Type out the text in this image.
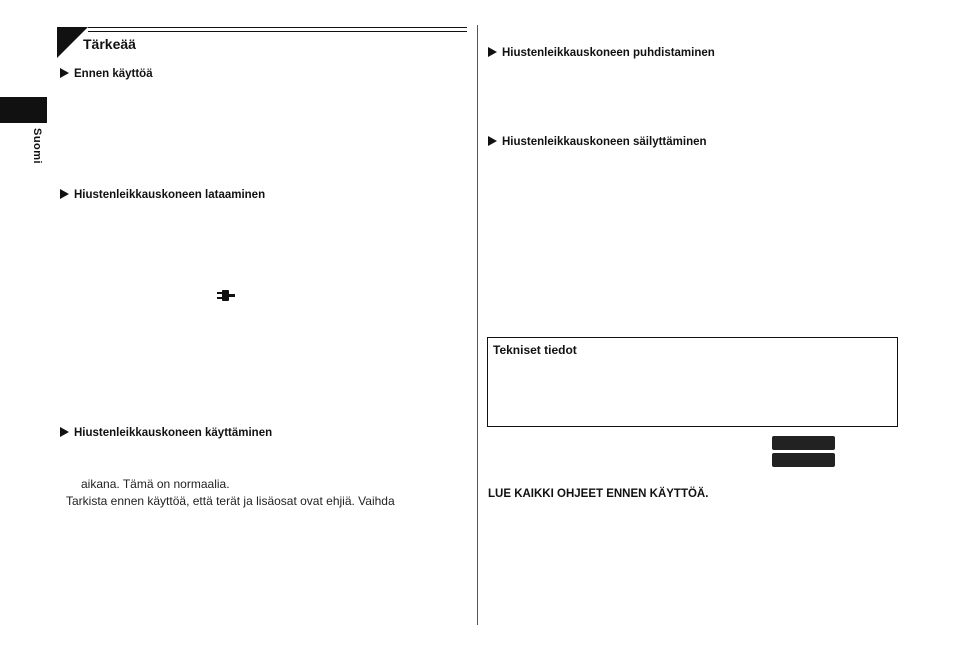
Tärkeää
Suomi
Ennen käyttöä
Hiustenleikkauskoneen lataaminen
Hiustenleikkauskoneen käyttäminen
aikana. Tämä on normaalia.
Tarkista ennen käyttöä, että terät ja lisäosat ovat ehjiä. Vaihda
Hiustenleikkauskoneen puhdistaminen
Hiustenleikkauskoneen säilyttäminen
Tekniset tiedot
LUE KAIKKI OHJEET ENNEN KÄYTTÖÄ.
